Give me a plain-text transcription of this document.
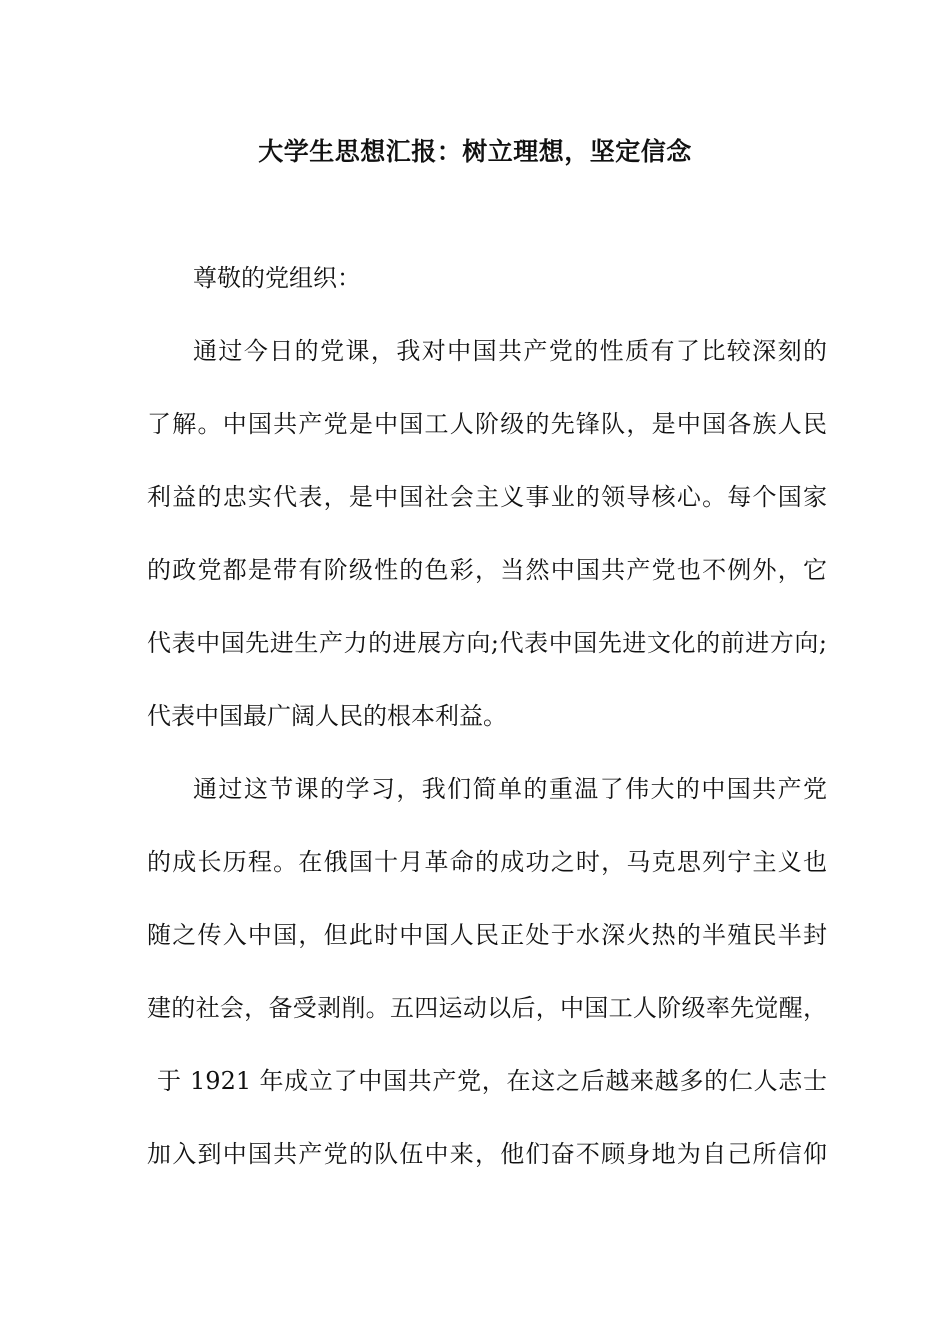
大学生思想汇报：树立理想，坚定信念
尊敬的党组织：
通过今日的党课，我对中国共产党的性质有了比较深刻的
了解。中国共产党是中国工人阶级的先锋队，是中国各族人民
利益的忠实代表，是中国社会主义事业的领导核心。每个国家
的政党都是带有阶级性的色彩，当然中国共产党也不例外，它
代表中国先进生产力的进展方向;代表中国先进文化的前进方向;
代表中国最广阔人民的根本利益。
通过这节课的学习，我们简单的重温了伟大的中国共产党
的成长历程。在俄国十月革命的成功之时，马克思列宁主义也
随之传入中国，但此时中国人民正处于水深火热的半殖民半封
建的社会，备受剥削。五四运动以后，中国工人阶级率先觉醒，
于 1921 年成立了中国共产党，在这之后越来越多的仁人志士
加入到中国共产党的队伍中来，他们奋不顾身地为自己所信仰
